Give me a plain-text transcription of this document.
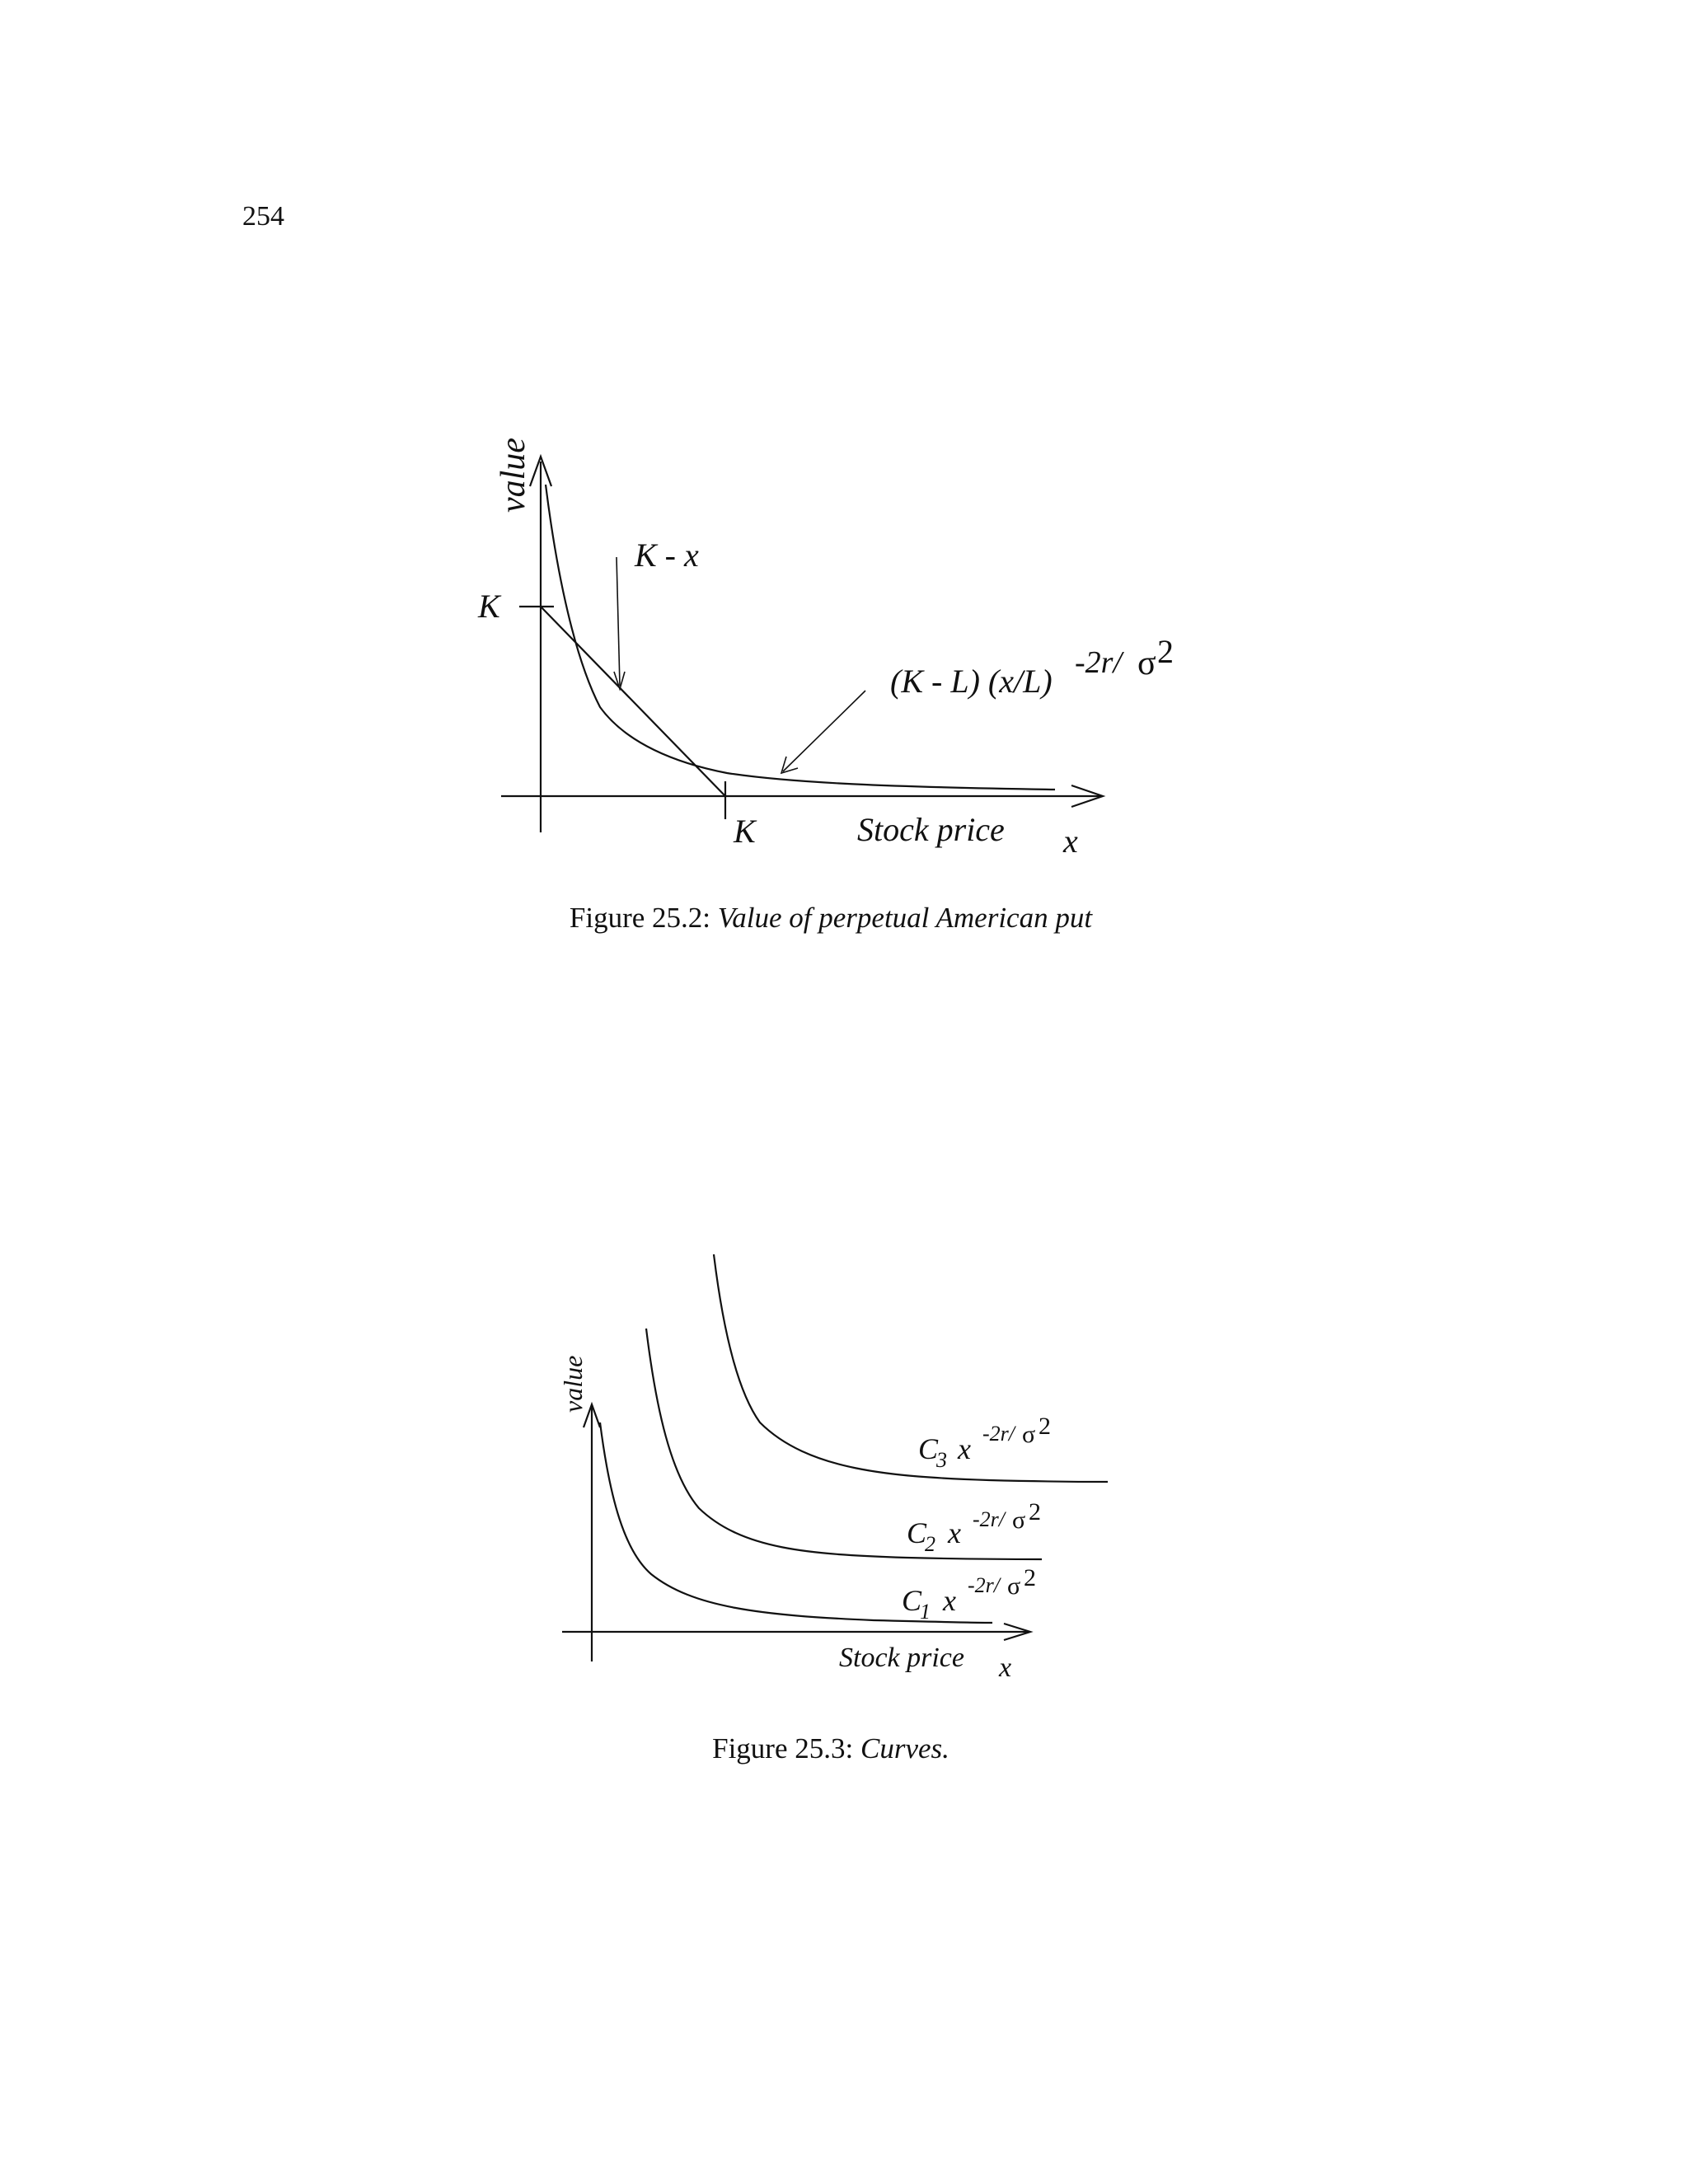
254
value
K
K
K - x
Stock price x
(K - L) (x/L) -2r/ σ 2
value
Stock price x
C
3 x -2r/ σ 2
C
2 x -2r/ σ 2
C
1 x -2r/ σ 2
Figure 25.2: Value of perpetual American put
Figure 25.3: Curves.
